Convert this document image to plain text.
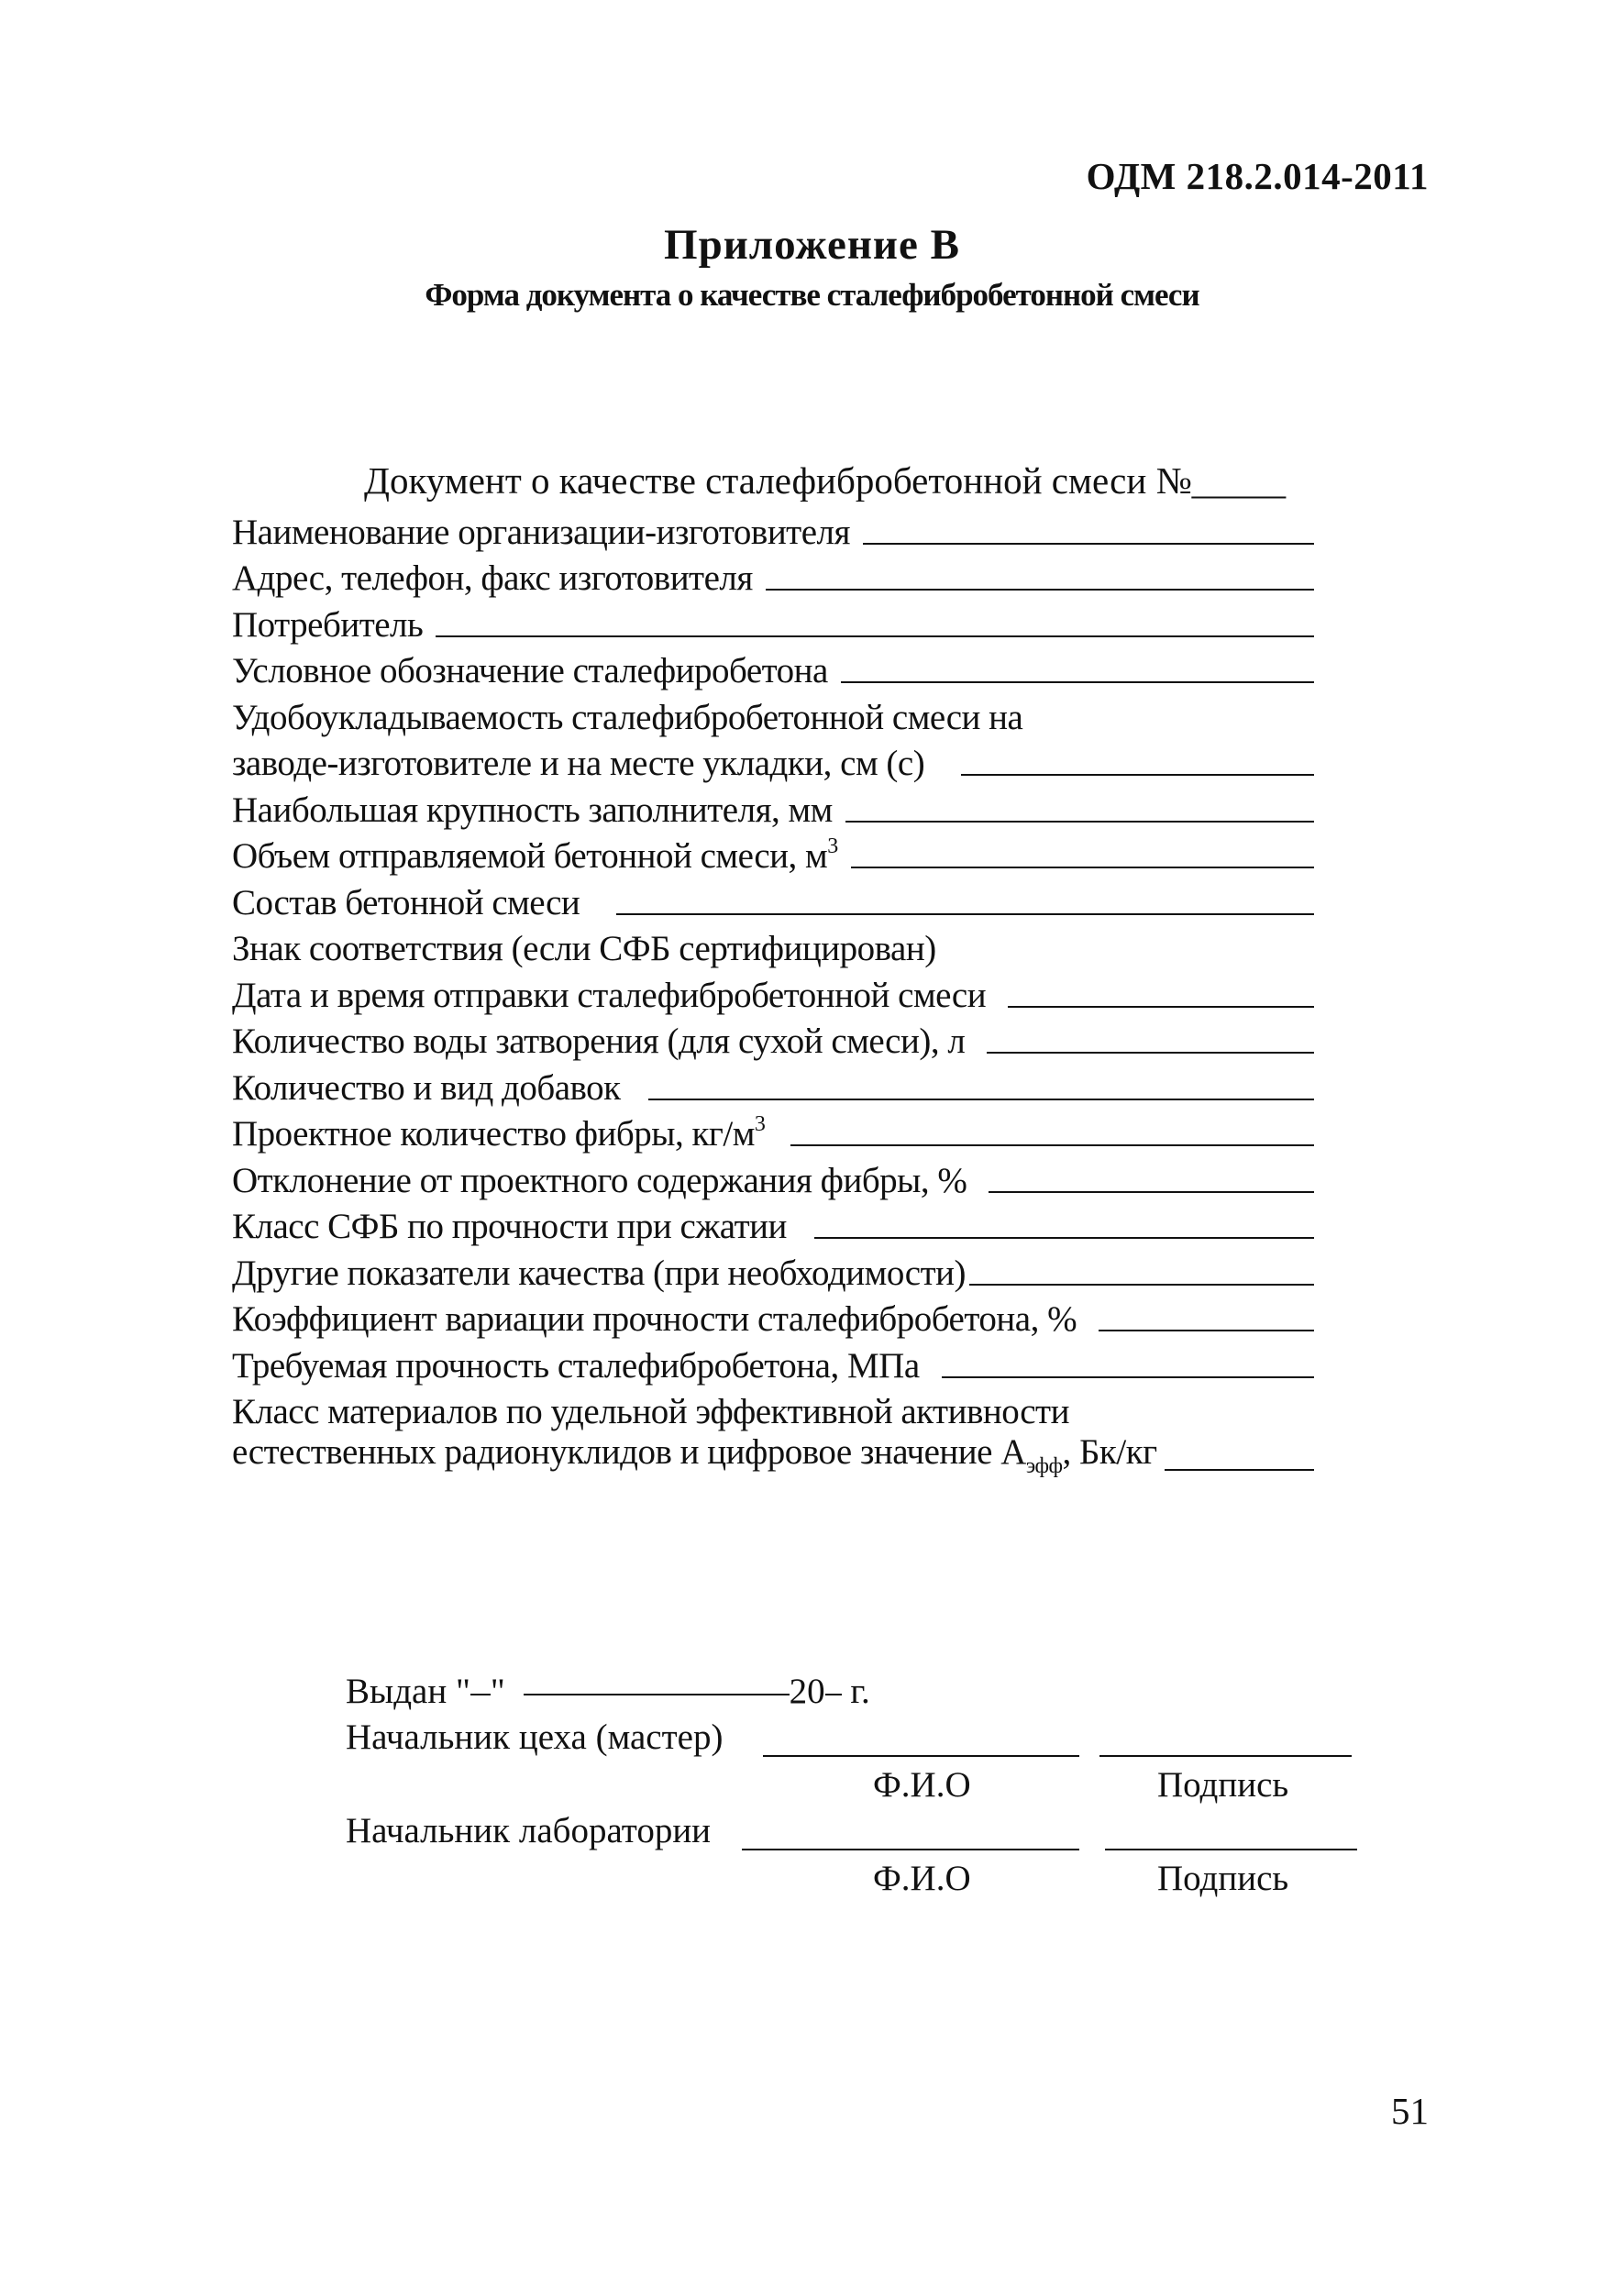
ОДМ 218.2.014-2011
Приложение В
Форма документа о качестве сталефибробетонной смеси
Документ о качестве сталефибробетонной смеси №_____
Наименование организации-изготовителя
Адрес, телефон, факс изготовителя
Потребитель
Условное обозначение сталефиробетона
Удобоукладываемость сталефибробетонной смеси на
заводе-изготовителе и на месте укладки, см (с)
Наибольшая крупность заполнителя, мм
Объем отправляемой бетонной смеси, $м^3$
Состав бетонной смеси
Знак соответствия (если СФБ сертифицирован)
Дата и время отправки сталефибробетонной смеси
Количество воды затворения (для сухой смеси), л
Количество и вид добавок
Проектное количество фибры, $кг/м^3$
Отклонение от проектного содержания фибры, %
Класс СФБ по прочности при сжатии
Другие показатели качества (при необходимости)
Коэффициент вариации прочности сталефибробетона, %
Требуемая прочность сталефибробетона, МПа
Класс материалов по удельной эффективной активности
естественных радионуклидов и цифровое значение $А_{эфф}$, Бк/кг
Выдан " "	20 г.
Начальник цеха (мастер)
Ф.И.О	Подпись
Начальник лаборатории
Ф.И.О	Подпись
51
